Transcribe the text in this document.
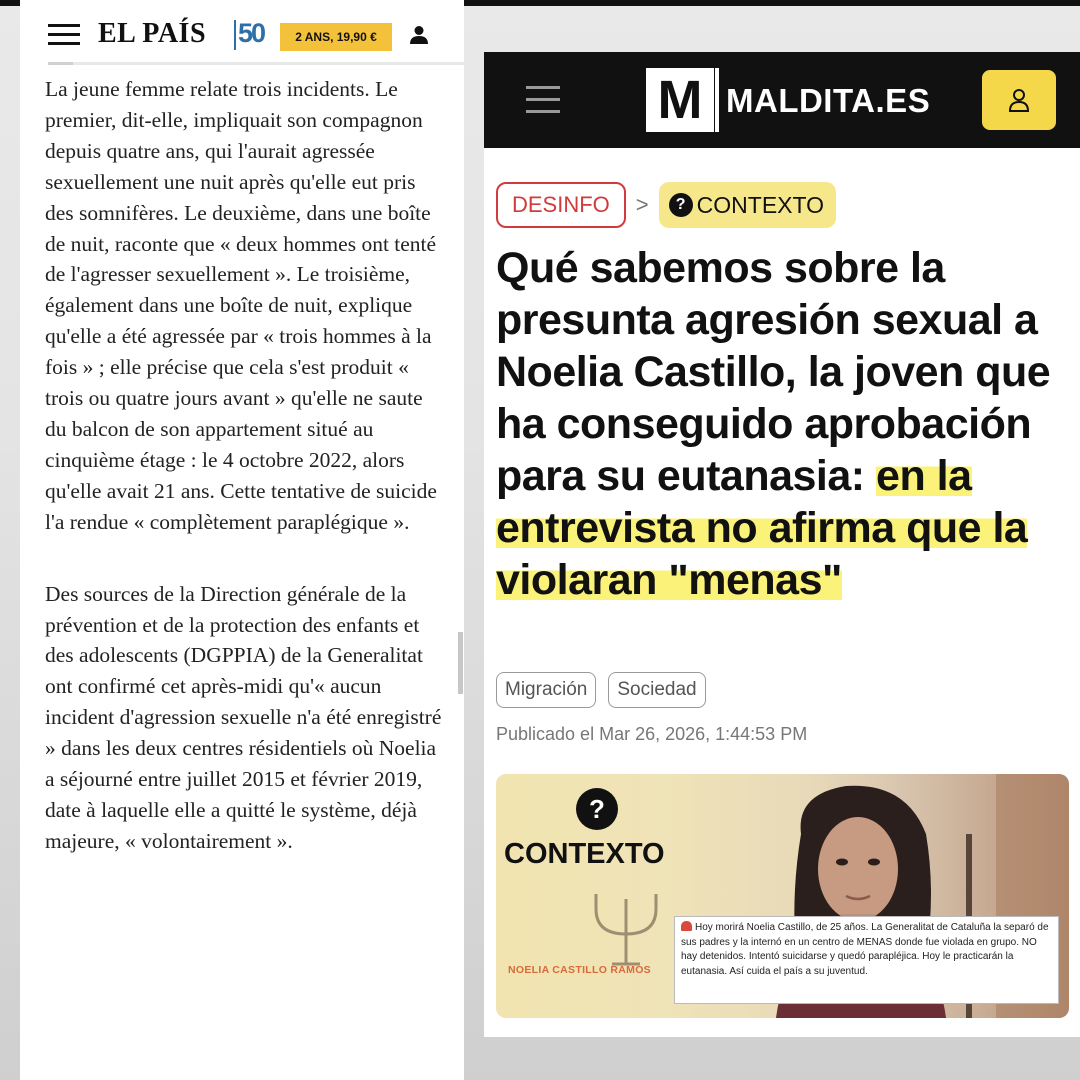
EL PAÍS 50	2 ANS, 19,90 €

La jeune femme relate trois incidents. Le premier, dit-elle, impliquait son compagnon depuis quatre ans, qui l'aurait agressée sexuellement une nuit après qu'elle eut pris des somnifères. Le deuxième, dans une boîte de nuit, raconte que « deux hommes ont tenté de l'agresser sexuellement ». Le troisième, également dans une boîte de nuit, explique qu'elle a été agressée par « trois hommes à la fois » ; elle précise que cela s'est produit « trois ou quatre jours avant » qu'elle ne saute du balcon de son appartement situé au cinquième étage : le 4 octobre 2022, alors qu'elle avait 21 ans. Cette tentative de suicide l'a rendue « complètement paraplégique ».

Des sources de la Direction générale de la prévention et de la protection des enfants et des adolescents (DGPPIA) de la Generalitat ont confirmé cet après-midi qu'« aucun incident d'agression sexuelle n'a été enregistré » dans les deux centres résidentiels où Noelia a séjourné entre juillet 2015 et février 2019, date à laquelle elle a quitté le système, déjà majeure, « volontairement ».

M MALDITA.ES
DESINFO	>	? CONTEXTO
Qué sabemos sobre la presunta agresión sexual a Noelia Castillo, la joven que ha conseguido aprobación para su eutanasia: en la entrevista no afirma que la violaran "menas"
Migración	Sociedad
Publicado el Mar 26, 2026, 1:44:53 PM
?
CONTEXTO
NOELIA CASTILLO RAMOS
Hoy morirá Noelia Castillo, de 25 años. La Generalitat de Cataluña la separó de sus padres y la internó en un centro de MENAS donde fue violada en grupo. NO hay detenidos. Intentó suicidarse y quedó parapléjica. Hoy le practicarán la eutanasia. Así cuida el país a su juventud.
